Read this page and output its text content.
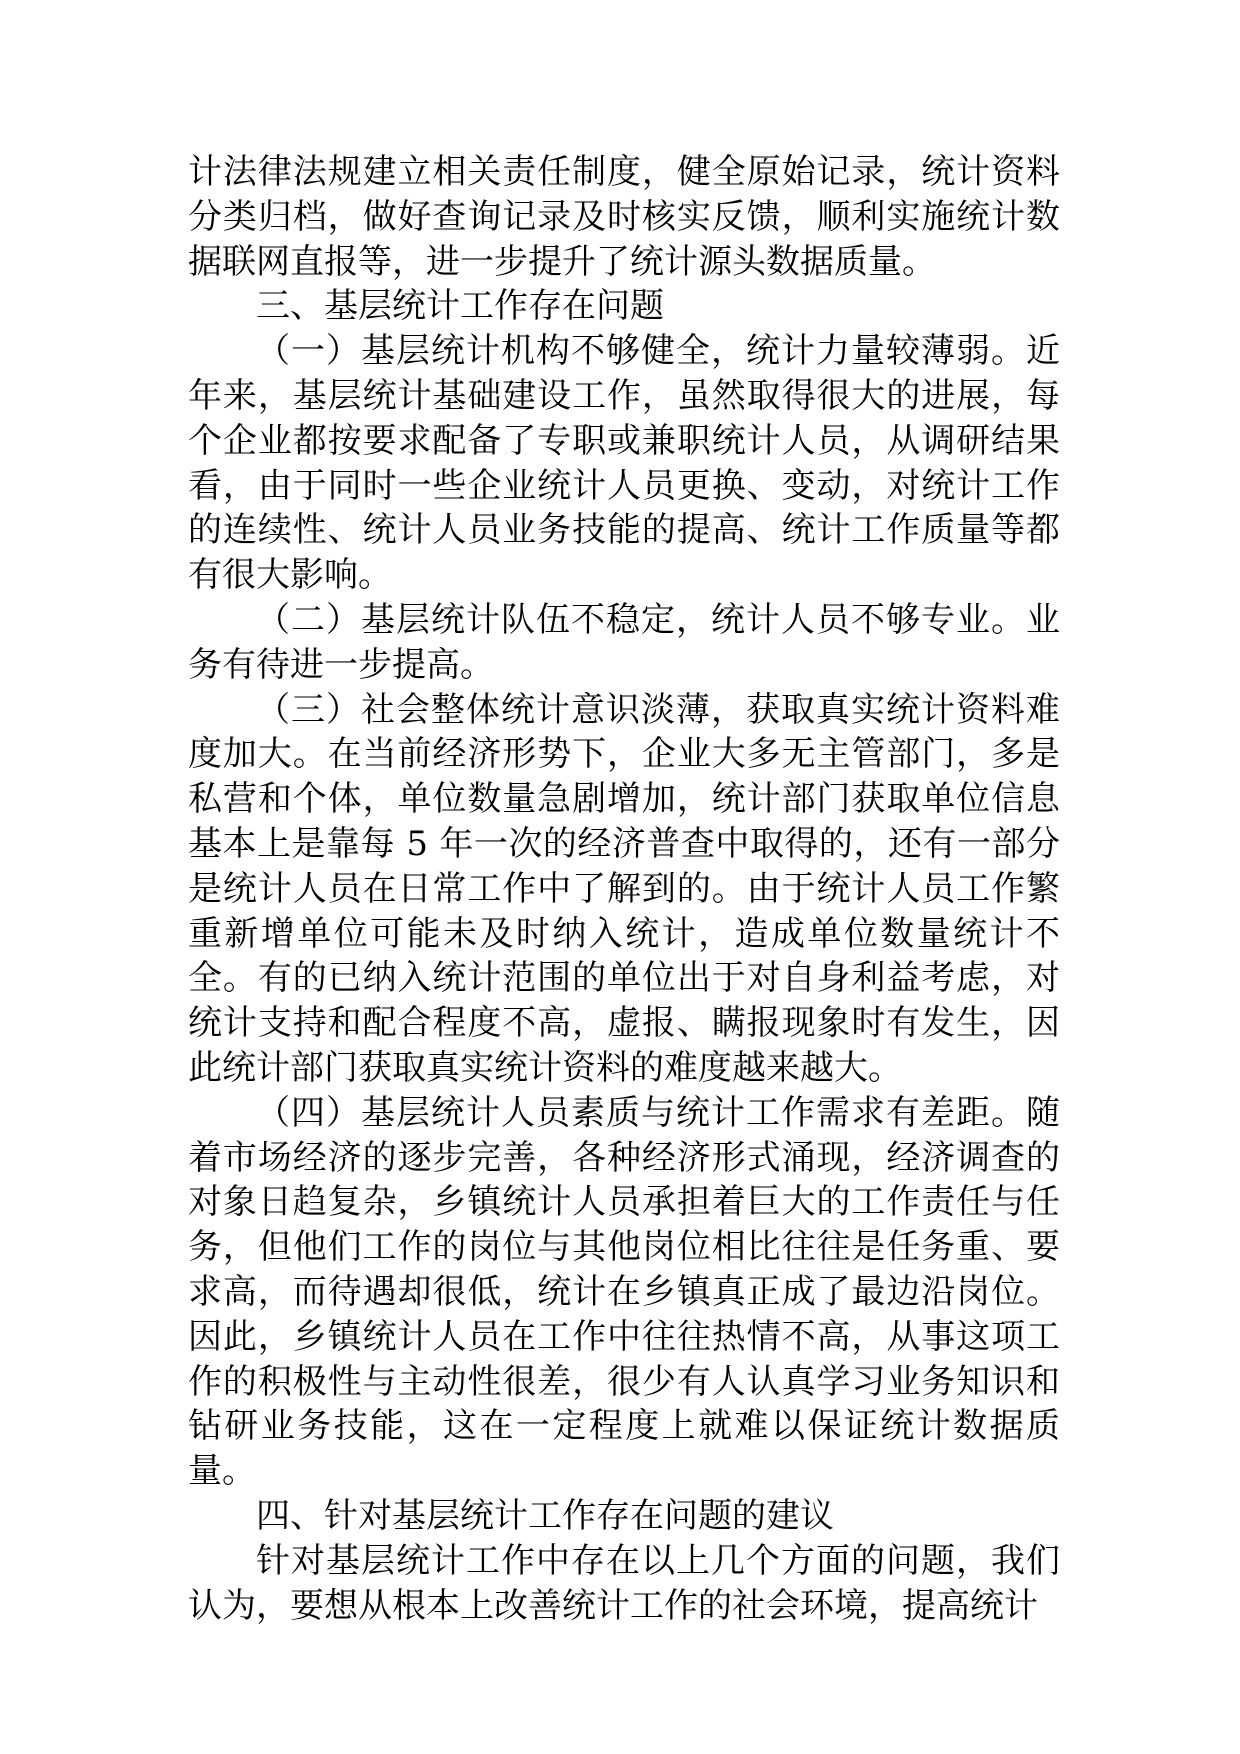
计法律法规建立相关责任制度，健全原始记录，统计资料分类归档，做好查询记录及时核实反馈，顺利实施统计数据联网直报等，进一步提升了统计源头数据质量。

三、基层统计工作存在问题

（一）基层统计机构不够健全，统计力量较薄弱。近年来，基层统计基础建设工作，虽然取得很大的进展，每个企业都按要求配备了专职或兼职统计人员，从调研结果看，由于同时一些企业统计人员更换、变动，对统计工作的连续性、统计人员业务技能的提高、统计工作质量等都有很大影响。

（二）基层统计队伍不稳定，统计人员不够专业。业务有待进一步提高。

（三）社会整体统计意识淡薄，获取真实统计资料难度加大。在当前经济形势下，企业大多无主管部门，多是私营和个体，单位数量急剧增加，统计部门获取单位信息基本上是靠每 5 年一次的经济普查中取得的，还有一部分是统计人员在日常工作中了解到的。由于统计人员工作繁重新增单位可能未及时纳入统计，造成单位数量统计不全。有的已纳入统计范围的单位出于对自身利益考虑，对统计支持和配合程度不高，虚报、瞒报现象时有发生，因此统计部门获取真实统计资料的难度越来越大。

（四）基层统计人员素质与统计工作需求有差距。随着市场经济的逐步完善，各种经济形式涌现，经济调查的对象日趋复杂，乡镇统计人员承担着巨大的工作责任与任务，但他们工作的岗位与其他岗位相比往往是任务重、要求高，而待遇却很低，统计在乡镇真正成了最边沿岗位。因此，乡镇统计人员在工作中往往热情不高，从事这项工作的积极性与主动性很差，很少有人认真学习业务知识和钻研业务技能，这在一定程度上就难以保证统计数据质量。

四、针对基层统计工作存在问题的建议

针对基层统计工作中存在以上几个方面的问题，我们认为，要想从根本上改善统计工作的社会环境，提高统计
